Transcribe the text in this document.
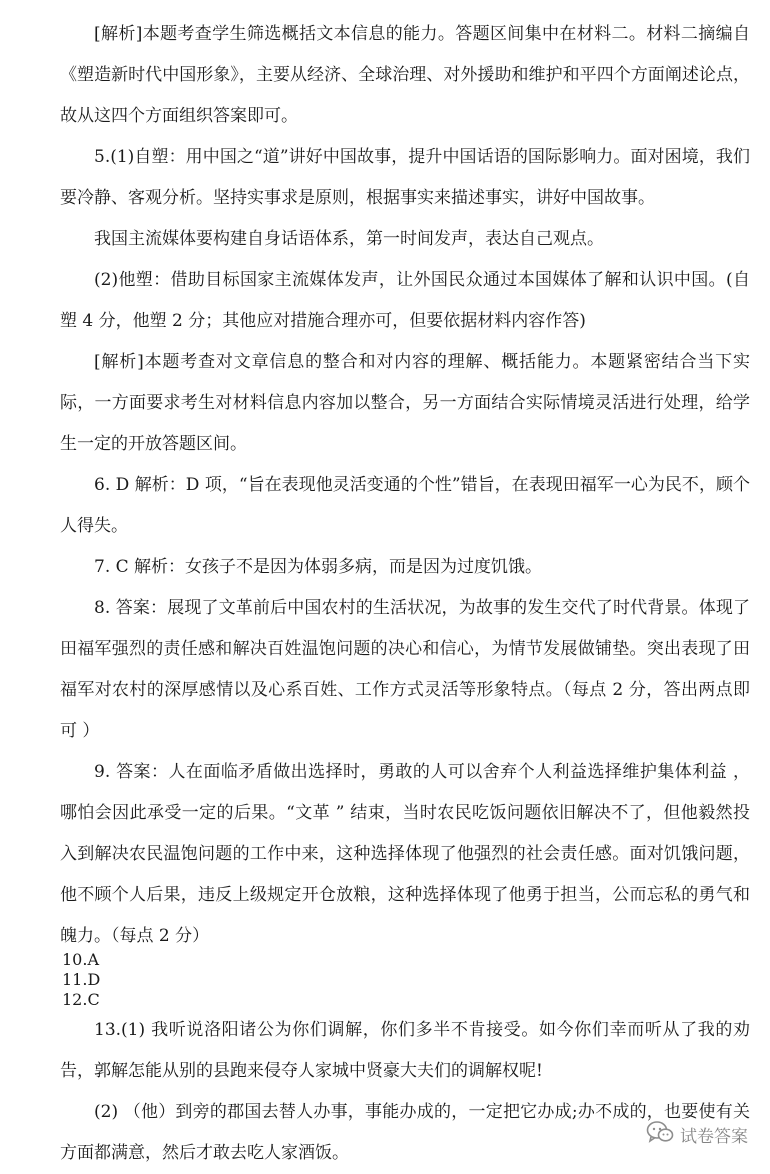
[解析]本题考查学生筛选概括文本信息的能力。答题区间集中在材料二。材料二摘编自《塑造新时代中国形象》，主要从经济、全球治理、对外援助和维护和平四个方面阐述论点，故从这四个方面组织答案即可。

5.(1)自塑：用中国之“道”讲好中国故事，提升中国话语的国际影响力。面对困境，我们要冷静、客观分析。坚持实事求是原则，根据事实来描述事实，讲好中国故事。

我国主流媒体要构建自身话语体系，第一时间发声，表达自己观点。

(2)他塑：借助目标国家主流媒体发声，让外国民众通过本国媒体了解和认识中国。(自塑 4 分，他塑 2 分；其他应对措施合理亦可，但要依据材料内容作答)

[解析]本题考查对文章信息的整合和对内容的理解、概括能力。本题紧密结合当下实际，一方面要求考生对材料信息内容加以整合，另一方面结合实际情境灵活进行处理，给学生一定的开放答题区间。

6. D 解析：D 项，“旨在表现他灵活变通的个性”错旨，在表现田福军一心为民不，顾个人得失。

7. C 解析：女孩子不是因为体弱多病，而是因为过度饥饿。

8. 答案：展现了文革前后中国农村的生活状况，为故事的发生交代了时代背景。体现了田福军强烈的责任感和解决百姓温饱问题的决心和信心，为情节发展做铺垫。突出表现了田福军对农村的深厚感情以及心系百姓、工作方式灵活等形象特点。（每点 2 分，答出两点即可 ）

9. 答案：人在面临矛盾做出选择时，勇敢的人可以舍弃个人利益选择维护集体利益 ，哪怕会因此承受一定的后果。“文革 ” 结束，当时农民吃饭问题依旧解决不了，但他毅然投入到解决农民温饱问题的工作中来，这种选择体现了他强烈的社会责任感。面对饥饿问题，他不顾个人后果，违反上级规定开仓放粮，这种选择体现了他勇于担当，公而忘私的勇气和魄力。（每点 2 分）

10.A

11.D

12.C

13.(1) 我听说洛阳诸公为你们调解，你们多半不肯接受。如今你们幸而听从了我的劝告，郭解怎能从别的县跑来侵夺人家城中贤豪大夫们的调解权呢!

(2) （他）到旁的郡国去替人办事，事能办成的，一定把它办成;办不成的，也要使有关方面都满意，然后才敢去吃人家酒饭。

试卷答案
